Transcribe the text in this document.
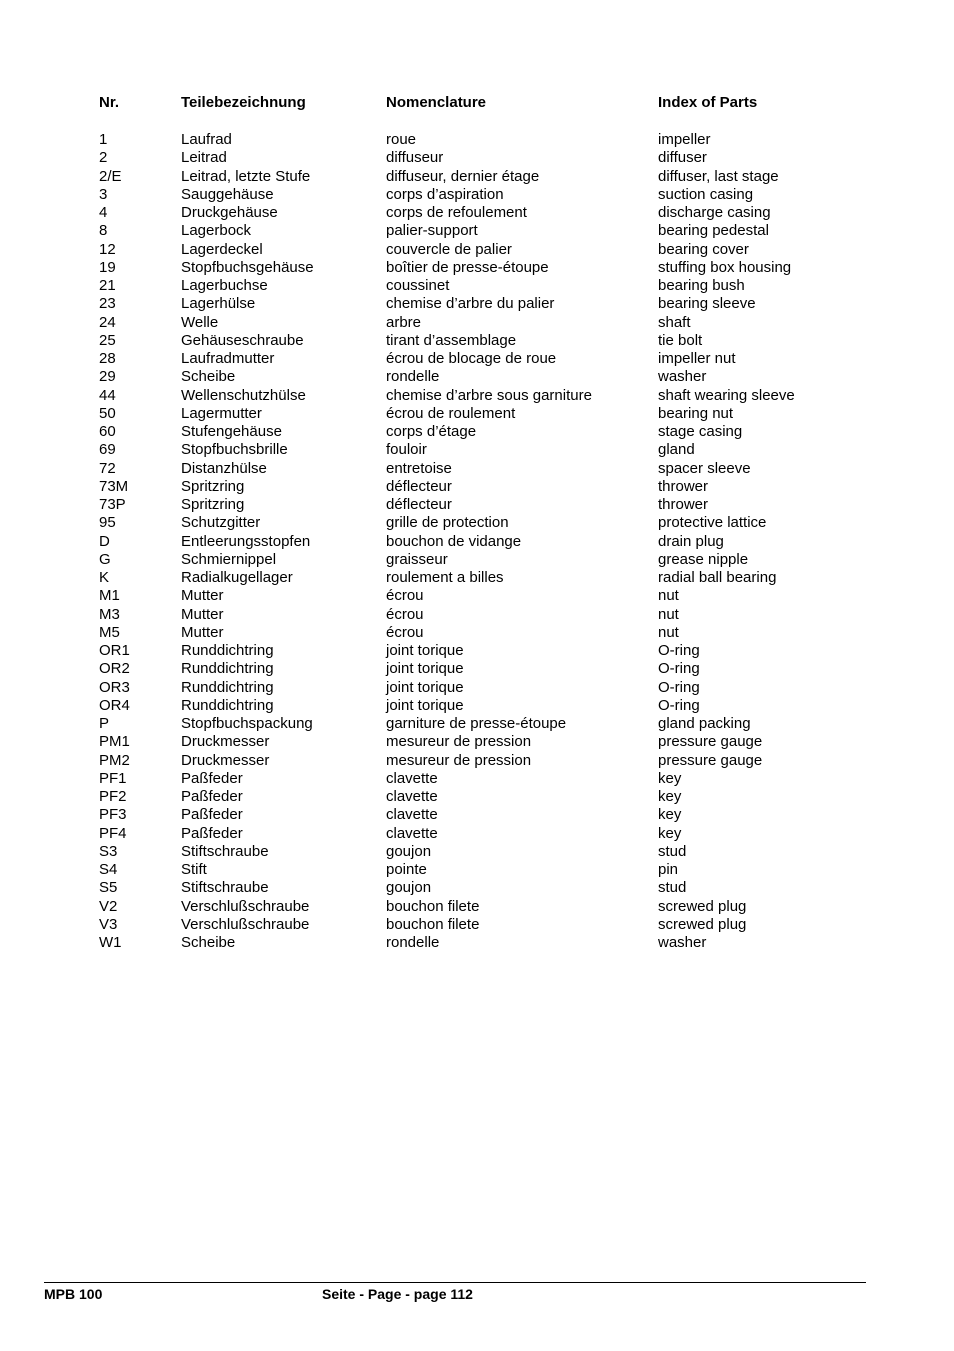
Nr.	Teilebezeichnung	Nomenclature	Index of Parts
1	Laufrad	roue	impeller
2	Leitrad	diffuseur	diffuser
2/E	Leitrad, letzte Stufe	diffuseur, dernier étage	diffuser, last stage
3	Sauggehäuse	corps d’aspiration	suction casing
4	Druckgehäuse	corps de refoulement	discharge casing
8	Lagerbock	palier-support	bearing pedestal
12	Lagerdeckel	couvercle de palier	bearing cover
19	Stopfbuchsgehäuse	boîtier de presse-étoupe	stuffing box housing
21	Lagerbuchse	coussinet	bearing bush
23	Lagerhülse	chemise d’arbre du palier	bearing sleeve
24	Welle	arbre	shaft
25	Gehäuseschraube	tirant d’assemblage	tie bolt
28	Laufradmutter	écrou de blocage de roue	impeller nut
29	Scheibe	rondelle	washer
44	Wellenschutzhülse	chemise d’arbre sous garniture	shaft wearing sleeve
50	Lagermutter	écrou de roulement	bearing nut
60	Stufengehäuse	corps d’étage	stage casing
69	Stopfbuchsbrille	fouloir	gland
72	Distanzhülse	entretoise	spacer sleeve
73M	Spritzring	déflecteur	thrower
73P	Spritzring	déflecteur	thrower
95	Schutzgitter	grille de protection	protective lattice
D	Entleerungsstopfen	bouchon de vidange	drain plug
G	Schmiernippel	graisseur	grease nipple
K	Radialkugellager	roulement a billes	radial ball bearing
M1	Mutter	écrou	nut
M3	Mutter	écrou	nut
M5	Mutter	écrou	nut
OR1	Runddichtring	joint torique	O-ring
OR2	Runddichtring	joint torique	O-ring
OR3	Runddichtring	joint torique	O-ring
OR4	Runddichtring	joint torique	O-ring
P	Stopfbuchspackung	garniture de presse-étoupe	gland packing
PM1	Druckmesser	mesureur de pression	pressure gauge
PM2	Druckmesser	mesureur de pression	pressure gauge
PF1	Paßfeder	clavette	key
PF2	Paßfeder	clavette	key
PF3	Paßfeder	clavette	key
PF4	Paßfeder	clavette	key
S3	Stiftschraube	goujon	stud
S4	Stift	pointe	pin
S5	Stiftschraube	goujon	stud
V2	Verschlußschraube	bouchon filete	screwed plug
V3	Verschlußschraube	bouchon filete	screwed plug
W1	Scheibe	rondelle	washer
MPB 100	Seite - Page - page 112
